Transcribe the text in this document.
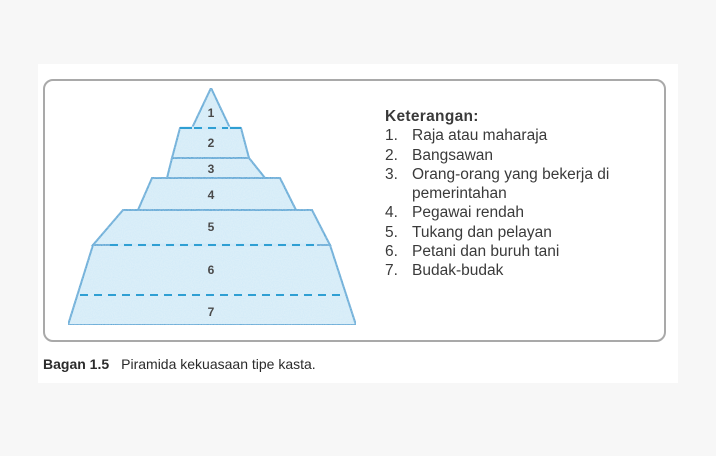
1
2
3
4
5
6
7
Keterangan:
1. Raja atau maharaja
2. Bangsawan
3. Orang-orang yang bekerja di
pemerintahan
4. Pegawai rendah
5. Tukang dan pelayan
6. Petani dan buruh tani
7. Budak-budak
Bagan 1.5 Piramida kekuasaan tipe kasta.
